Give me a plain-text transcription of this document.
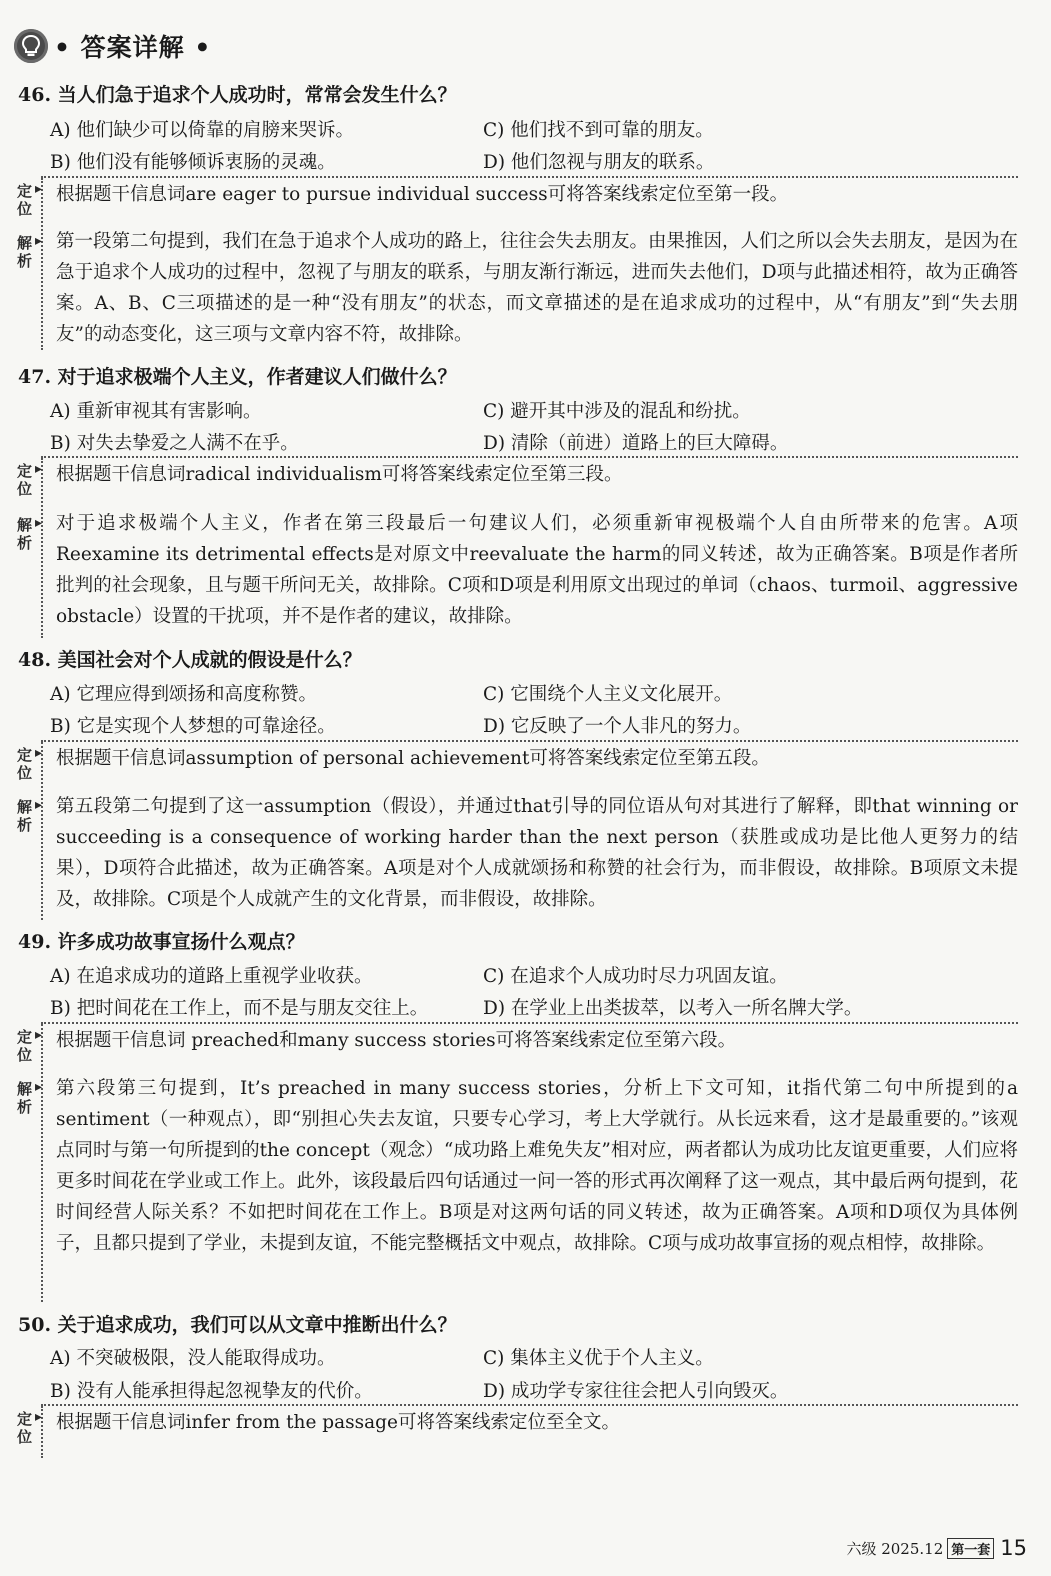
• 答案详解 •
46. 当人们急于追求个人成功时，常常会发生什么？
A) 他们缺少可以倚靠的肩膀来哭诉。	C) 他们找不到可靠的朋友。
B) 他们没有能够倾诉衷肠的灵魂。	D) 他们忽视与朋友的联系。
定位
▸ 根据题干信息词are eager to pursue individual success可将答案线索定位至第一段。
解析
▸ 第一段第二句提到，我们在急于追求个人成功的路上，往往会失去朋友。由果推因，人们之所以会失去朋友，是因为在急于追求个人成功的过程中，忽视了与朋友的联系，与朋友渐行渐远，进而失去他们，D项与此描述相符，故为正确答案。A、B、C三项描述的是一种“没有朋友”的状态，而文章描述的是在追求成功的过程中，从“有朋友”到“失去朋友”的动态变化，这三项与文章内容不符，故排除。
47. 对于追求极端个人主义，作者建议人们做什么？
A) 重新审视其有害影响。	C) 避开其中涉及的混乱和纷扰。
B) 对失去挚爱之人满不在乎。	D) 清除（前进）道路上的巨大障碍。
定位
▸ 根据题干信息词radical individualism可将答案线索定位至第三段。
解析
▸ 对于追求极端个人主义，作者在第三段最后一句建议人们，必须重新审视极端个人自由所带来的危害。A项Reexamine its detrimental effects是对原文中reevaluate the harm的同义转述，故为正确答案。B项是作者所批判的社会现象，且与题干所问无关，故排除。C项和D项是利用原文出现过的单词（chaos、turmoil、aggressive obstacle）设置的干扰项，并不是作者的建议，故排除。
48. 美国社会对个人成就的假设是什么？
A) 它理应得到颂扬和高度称赞。	C) 它围绕个人主义文化展开。
B) 它是实现个人梦想的可靠途径。	D) 它反映了一个人非凡的努力。
定位
▸ 根据题干信息词assumption of personal achievement可将答案线索定位至第五段。
解析
▸ 第五段第二句提到了这一assumption（假设），并通过that引导的同位语从句对其进行了解释，即that winning or succeeding is a consequence of working harder than the next person（获胜或成功是比他人更努力的结果），D项符合此描述，故为正确答案。A项是对个人成就颂扬和称赞的社会行为，而非假设，故排除。B项原文未提及，故排除。C项是个人成就产生的文化背景，而非假设，故排除。
49. 许多成功故事宣扬什么观点？
A) 在追求成功的道路上重视学业收获。	C) 在追求个人成功时尽力巩固友谊。
B) 把时间花在工作上，而不是与朋友交往上。	D) 在学业上出类拔萃，以考入一所名牌大学。
定位
▸ 根据题干信息词 preached和many success stories可将答案线索定位至第六段。
解析
▸ 第六段第三句提到，It’s preached in many success stories，分析上下文可知，it指代第二句中所提到的a sentiment（一种观点），即“别担心失去友谊，只要专心学习，考上大学就行。从长远来看，这才是最重要的。”该观点同时与第一句所提到的the concept（观念）“成功路上难免失友”相对应，两者都认为成功比友谊更重要，人们应将更多时间花在学业或工作上。此外，该段最后四句话通过一问一答的形式再次阐释了这一观点，其中最后两句提到，花时间经营人际关系？不如把时间花在工作上。B项是对这两句话的同义转述，故为正确答案。A项和D项仅为具体例子，且都只提到了学业，未提到友谊，不能完整概括文中观点，故排除。C项与成功故事宣扬的观点相悖，故排除。
50. 关于追求成功，我们可以从文章中推断出什么？
A) 不突破极限，没人能取得成功。	C) 集体主义优于个人主义。
B) 没有人能承担得起忽视挚友的代价。	D) 成功学专家往往会把人引向毁灭。
定位
▸ 根据题干信息词infer from the passage可将答案线索定位至全文。
六级 2025.12 第一套 15
